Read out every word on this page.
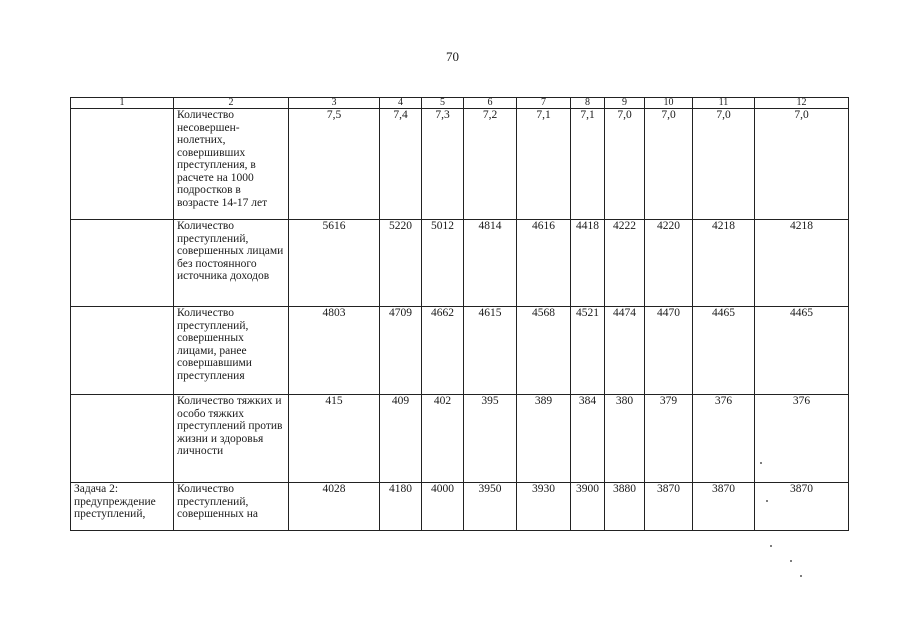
70
1	2	3	4	5	6	7	8	9	10	11	12
	Количество несовершен-нолетних, совершивших преступления, в расчете на 1000 подростков в возрасте 14-17 лет	7,5	7,4	7,3	7,2	7,1	7,1	7,0	7,0	7,0	7,0
	Количество преступлений, совершенных лицами без постоянного источника доходов	5616	5220	5012	4814	4616	4418	4222	4220	4218	4218
	Количество преступлений, совершенных лицами, ранее совершавшими преступления	4803	4709	4662	4615	4568	4521	4474	4470	4465	4465
	Количество тяжких и особо тяжких преступлений против жизни и здоровья личности	415	409	402	395	389	384	380	379	376	376
Задача 2: предупреждение преступлений,	Количество преступлений, совершенных на	4028	4180	4000	3950	3930	3900	3880	3870	3870	3870
